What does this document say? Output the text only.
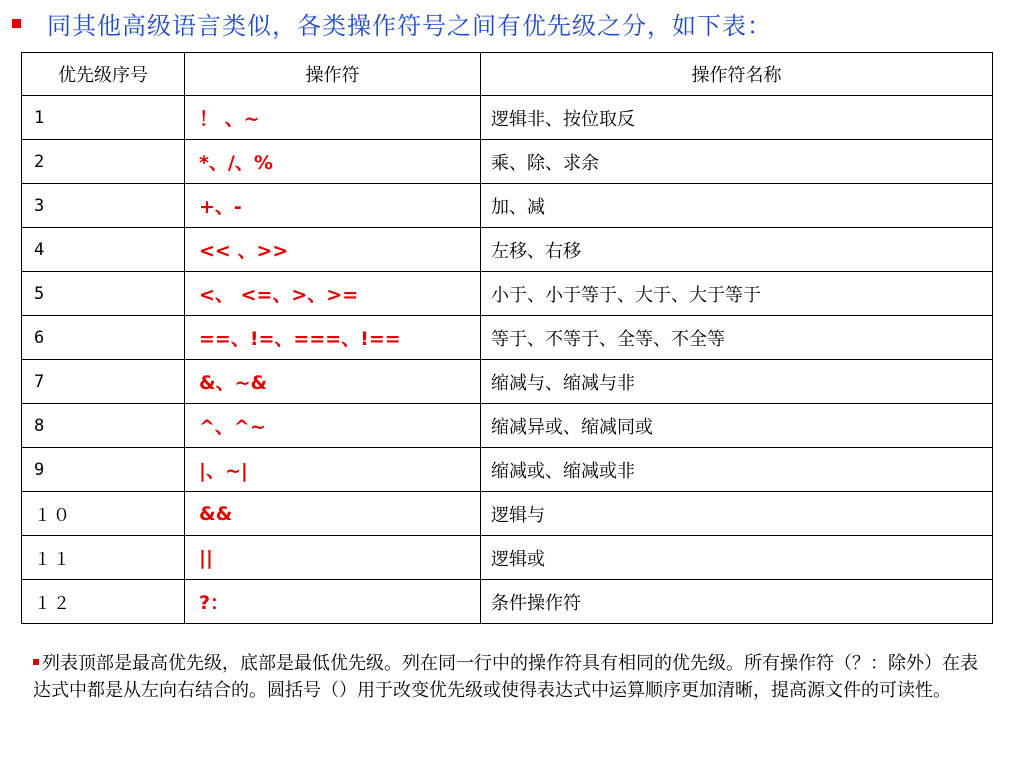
同其他高级语言类似，各类操作符号之间有优先级之分，如下表：
优先级序号	操作符	操作符名称
1	！ 、~	逻辑非、按位取反
2	*、/、%	乘、除、求余
3	+、-	加、减
4	<< 、>>	左移、右移
5	<、 <=、>、>=	小于、小于等于、大于、大于等于
6	==、!=、===、!==	等于、不等于、全等、不全等
7	&、~&	缩减与、缩减与非
8	^、^~	缩减异或、缩减同或
9	|、~|	缩减或、缩减或非
１０	&&	逻辑与
１１	||	逻辑或
１２	?：	条件操作符
列表顶部是最高优先级，底部是最低优先级。列在同一行中的操作符具有相同的优先级。所有操作符（？：除外）在表达式中都是从左向右结合的。圆括号（）用于改变优先级或使得表达式中运算顺序更加清晰，提高源文件的可读性。
